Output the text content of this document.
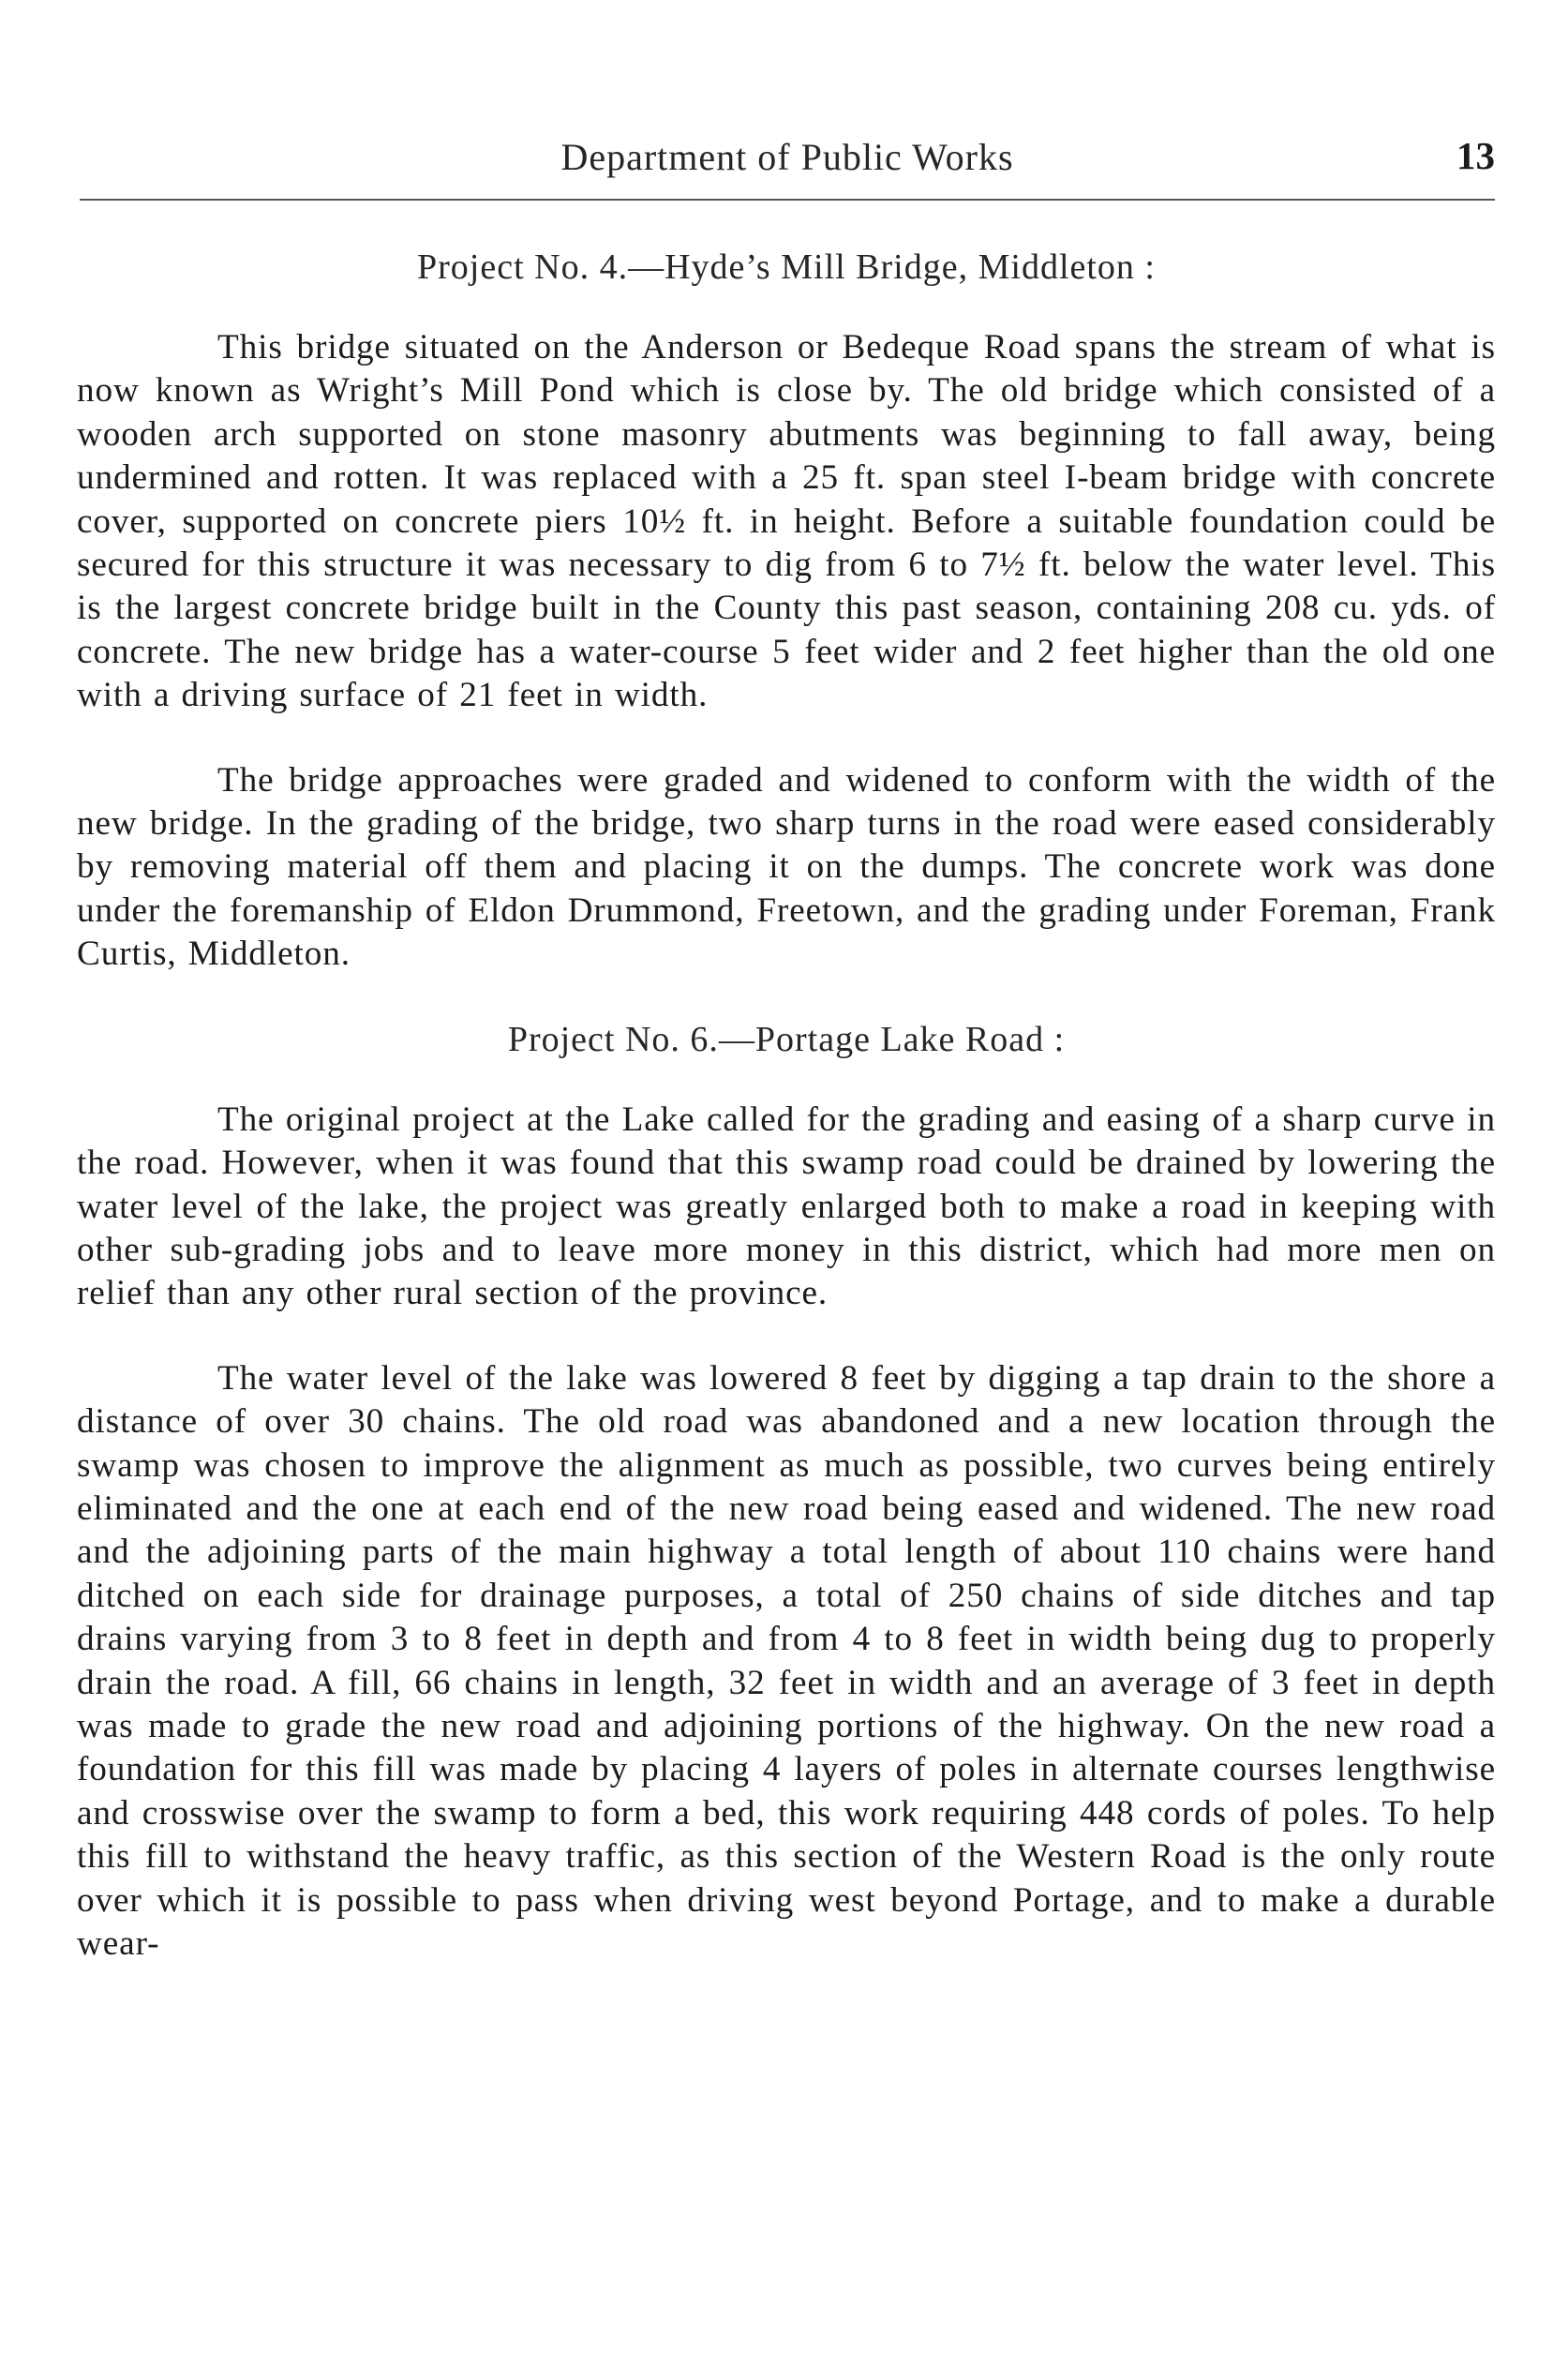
Department of Public Works	13
Project No. 4.—Hyde’s Mill Bridge, Middleton :

This bridge situated on the Anderson or Bedeque Road spans the stream of what is now known as Wright’s Mill Pond which is close by. The old bridge which consisted of a wooden arch supported on stone masonry abutments was beginning to fall away, being undermined and rotten. It was replaced with a 25 ft. span steel I-beam bridge with concrete cover, supported on concrete piers 10½ ft. in height. Before a suitable foundation could be secured for this structure it was necessary to dig from 6 to 7½ ft. below the water level. This is the largest concrete bridge built in the County this past season, containing 208 cu. yds. of concrete. The new bridge has a water-course 5 feet wider and 2 feet higher than the old one with a driving surface of 21 feet in width.

The bridge approaches were graded and widened to conform with the width of the new bridge. In the grading of the bridge, two sharp turns in the road were eased considerably by removing material off them and placing it on the dumps. The concrete work was done under the foremanship of Eldon Drummond, Freetown, and the grading under Foreman, Frank Curtis, Middleton.

Project No. 6.—Portage Lake Road :

The original project at the Lake called for the grading and easing of a sharp curve in the road. However, when it was found that this swamp road could be drained by lowering the water level of the lake, the project was greatly enlarged both to make a road in keeping with other sub-grading jobs and to leave more money in this district, which had more men on relief than any other rural section of the province.

The water level of the lake was lowered 8 feet by digging a tap drain to the shore a distance of over 30 chains. The old road was abandoned and a new location through the swamp was chosen to improve the alignment as much as possible, two curves being entirely eliminated and the one at each end of the new road being eased and widened. The new road and the adjoining parts of the main highway a total length of about 110 chains were hand ditched on each side for drainage purposes, a total of 250 chains of side ditches and tap drains varying from 3 to 8 feet in depth and from 4 to 8 feet in width being dug to properly drain the road. A fill, 66 chains in length, 32 feet in width and an average of 3 feet in depth was made to grade the new road and adjoining portions of the highway. On the new road a foundation for this fill was made by placing 4 layers of poles in alternate courses lengthwise and crosswise over the swamp to form a bed, this work requiring 448 cords of poles. To help this fill to withstand the heavy traffic, as this section of the Western Road is the only route over which it is possible to pass when driving west beyond Portage, and to make a durable wear-
